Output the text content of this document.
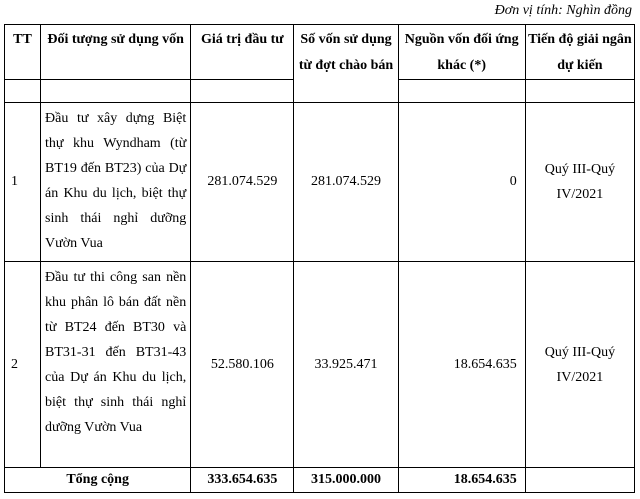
Đơn vị tính: Nghìn đồng
TT	Đối tượng sử dụng vốn	Giá trị đầu tư	Số vốn sử dụng từ đợt chào bán	Nguồn vốn đối ứng khác (*)	Tiến độ giải ngân dự kiến

1	Đầu tư xây dựng Biệt thự khu Wyndham (từ BT19 đến BT23) của Dự án Khu du lịch, biệt thự sinh thái nghỉ dưỡng Vườn Vua	281.074.529	281.074.529	0	Quý III-Quý IV/2021
2	Đầu tư thi công san nền khu phân lô bán đất nền từ BT24 đến BT30 và BT31-31 đến BT31-43 của Dự án Khu du lịch, biệt thự sinh thái nghỉ dưỡng Vườn Vua	52.580.106	33.925.471	18.654.635	Quý III-Quý IV/2021
Tổng cộng		333.654.635	315.000.000	18.654.635	
